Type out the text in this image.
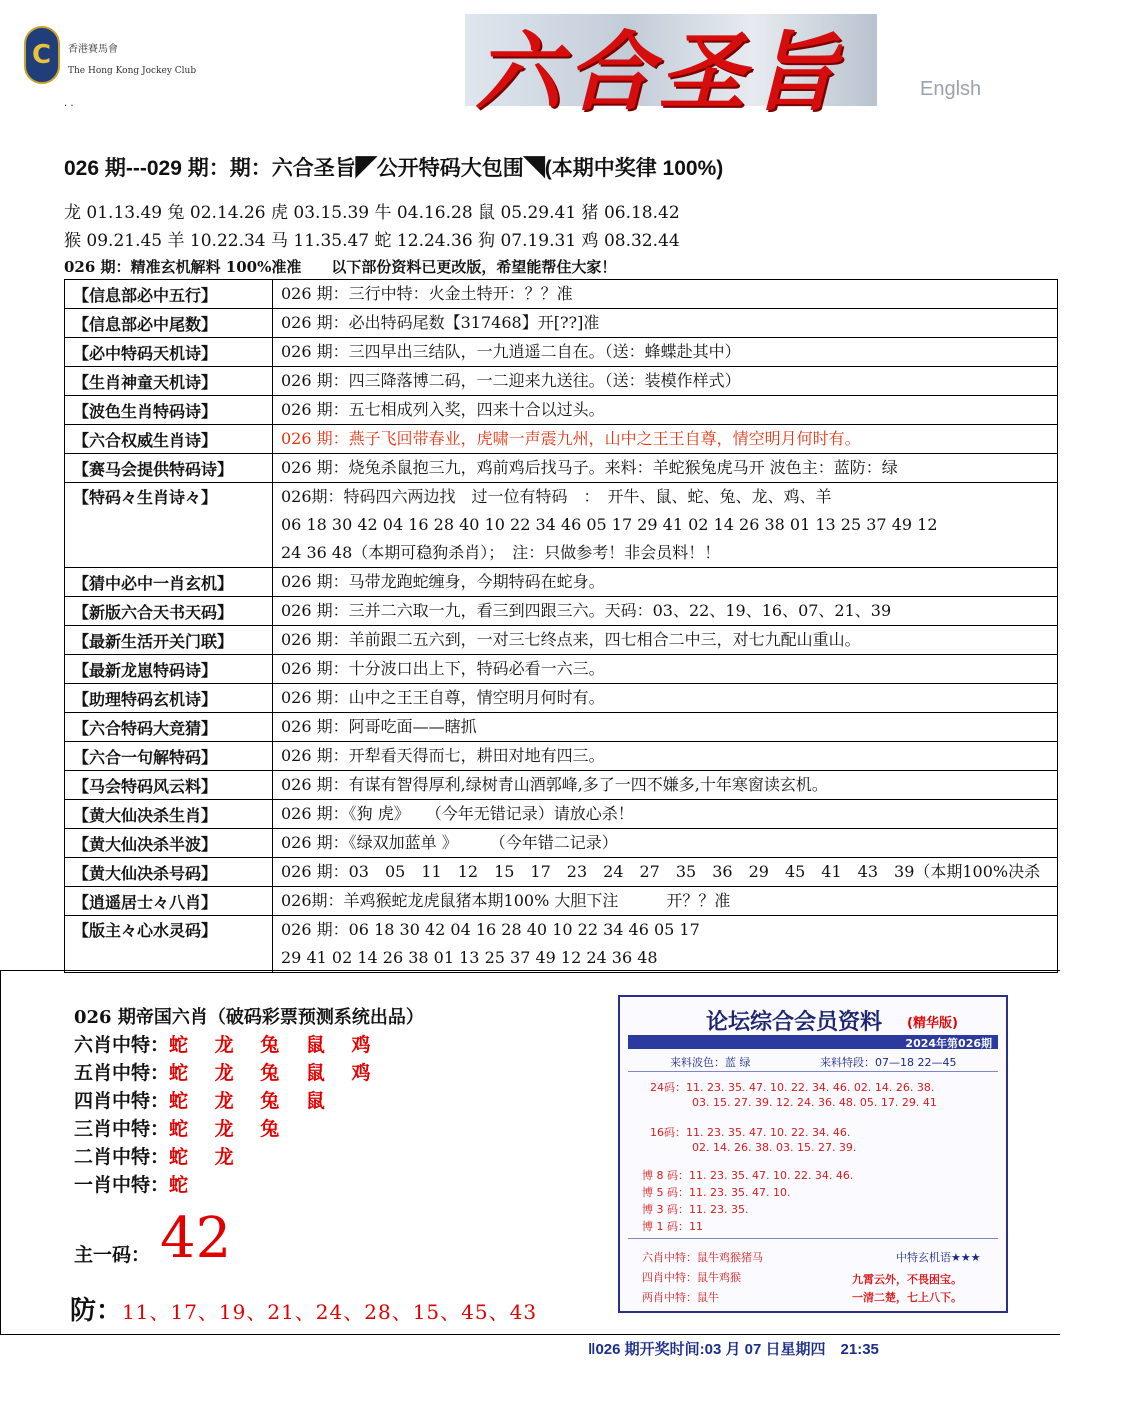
C
香港賽馬會
The Hong Kong Jockey Club
. .	六合圣旨	Englsh
026 期---029 期：期：六合圣旨◤公开特码大包围◥(本期中奖律 100%)
龙 01.13.49 兔 02.14.26 虎 03.15.39 牛 04.16.28 鼠 05.29.41 猪 06.18.42
猴 09.21.45 羊 10.22.34 马 11.35.47 蛇 12.24.36 狗 07.19.31 鸡 08.32.44
026 期：精准玄机解料 100%准准　　以下部份资料已更改版，希望能帮住大家！
【信息部必中五行】	026 期：三行中特：火金土特开：？？准
【信息部必中尾数】	026 期：必出特码尾数【317468】开[??]准
【必中特码天机诗】	026 期：三四早出三结队，一九逍遥二自在。（送：蜂蝶赴其中）
【生肖神童天机诗】	026 期：四三降落博二码，一二迎来九送往。（送：装模作样式）
【波色生肖特码诗】	026 期：五七相成列入奖，四来十合以过头。
【六合权威生肖诗】	026 期：燕子飞回带春业，虎啸一声震九州，山中之王王自尊，情空明月何时有。
【赛马会提供特码诗】	026 期：烧兔杀鼠抱三九，鸡前鸡后找马子。来料：羊蛇猴兔虎马开 波色主：蓝防：绿
【特码々生肖诗々】	026期：特码四六两边找　过一位有特码　：　开牛、鼠、蛇、兔、龙、鸡、羊
06 18 30 42 04 16 28 40 10 22 34 46 05 17 29 41 02 14 26 38 01 13 25 37 49 12
24 36 48（本期可稳狗杀肖）；　注：只做参考！非会员料！！

【猜中必中一肖玄机】	026 期：马带龙跑蛇缠身，今期特码在蛇身。
【新版六合天书天码】	026 期：三并二六取一九，看三到四跟三六。天码：03、22、19、16、07、21、39
【最新生活开关门联】	026 期：羊前跟二五六到，一对三七终点来，四七相合二中三，对七九配山重山。
【最新龙崽特码诗】	026 期：十分波口出上下，特码必看一六三。
【助理特码玄机诗】	026 期：山中之王王自尊，情空明月何时有。
【六合特码大竞猜】	026 期：阿哥吃面——瞎抓
【六合一句解特码】	026 期：开犁看天得而七，耕田对地有四三。
【马会特码风云料】	026 期：有谋有智得厚利,绿树青山酒郭峰,多了一四不嫌多,十年寒窗读玄机。
【黄大仙决杀生肖】	026 期：《狗 虎》　　（今年无错记录）请放心杀！
【黄大仙决杀半波】	026 期：《绿双加蓝单 》　　　（今年错二记录）
【黄大仙决杀号码】	026 期：03　05　11　12　15　17　23　24　27　35　36　29　45　41　43　39（本期100%决杀
【逍遥居士々八肖】	026期：羊鸡猴蛇龙虎鼠猪本期100% 大胆下注　　　开？？准
【版主々心水灵码】	026 期：06 18 30 42 04 16 28 40 10 22 34 46 05 17
29 41 02 14 26 38 01 13 25 37 49 12 24 36 48
026 期帝国六肖（破码彩票预测系统出品）
六肖中特：蛇 龙 兔 鼠 鸡
五肖中特：蛇 龙 兔 鼠 鸡
四肖中特：蛇 龙 兔 鼠
三肖中特：蛇 龙 兔
二肖中特：蛇 龙
一肖中特：蛇
主一码： 42
防：11、17、19、21、24、28、15、45、43
论坛综合会员资料 (精华版)
2024年第026期
来料波色：蓝 绿	来料特段：07—18 22—45
24码：11. 23. 35. 47. 10. 22. 34. 46. 02. 14. 26. 38.
03. 15. 27. 39. 12. 24. 36. 48. 05. 17. 29. 41
16码：11. 23. 35. 47. 10. 22. 34. 46.
02. 14. 26. 38. 03. 15. 27. 39.
博 8 码：11. 23. 35. 47. 10. 22. 34. 46.
博 5 码：11. 23. 35. 47. 10.
博 3 码：11. 23. 35.
博 1 码：11
六肖中特：鼠牛鸡猴猪马
四肖中特：鼠牛鸡猴
两肖中特：鼠牛
中特玄机语★★★
九霄云外，不畏困宝。
一清二楚，七上八下。
‖026 期开奖时间:03 月 07 日星期四　21:35
